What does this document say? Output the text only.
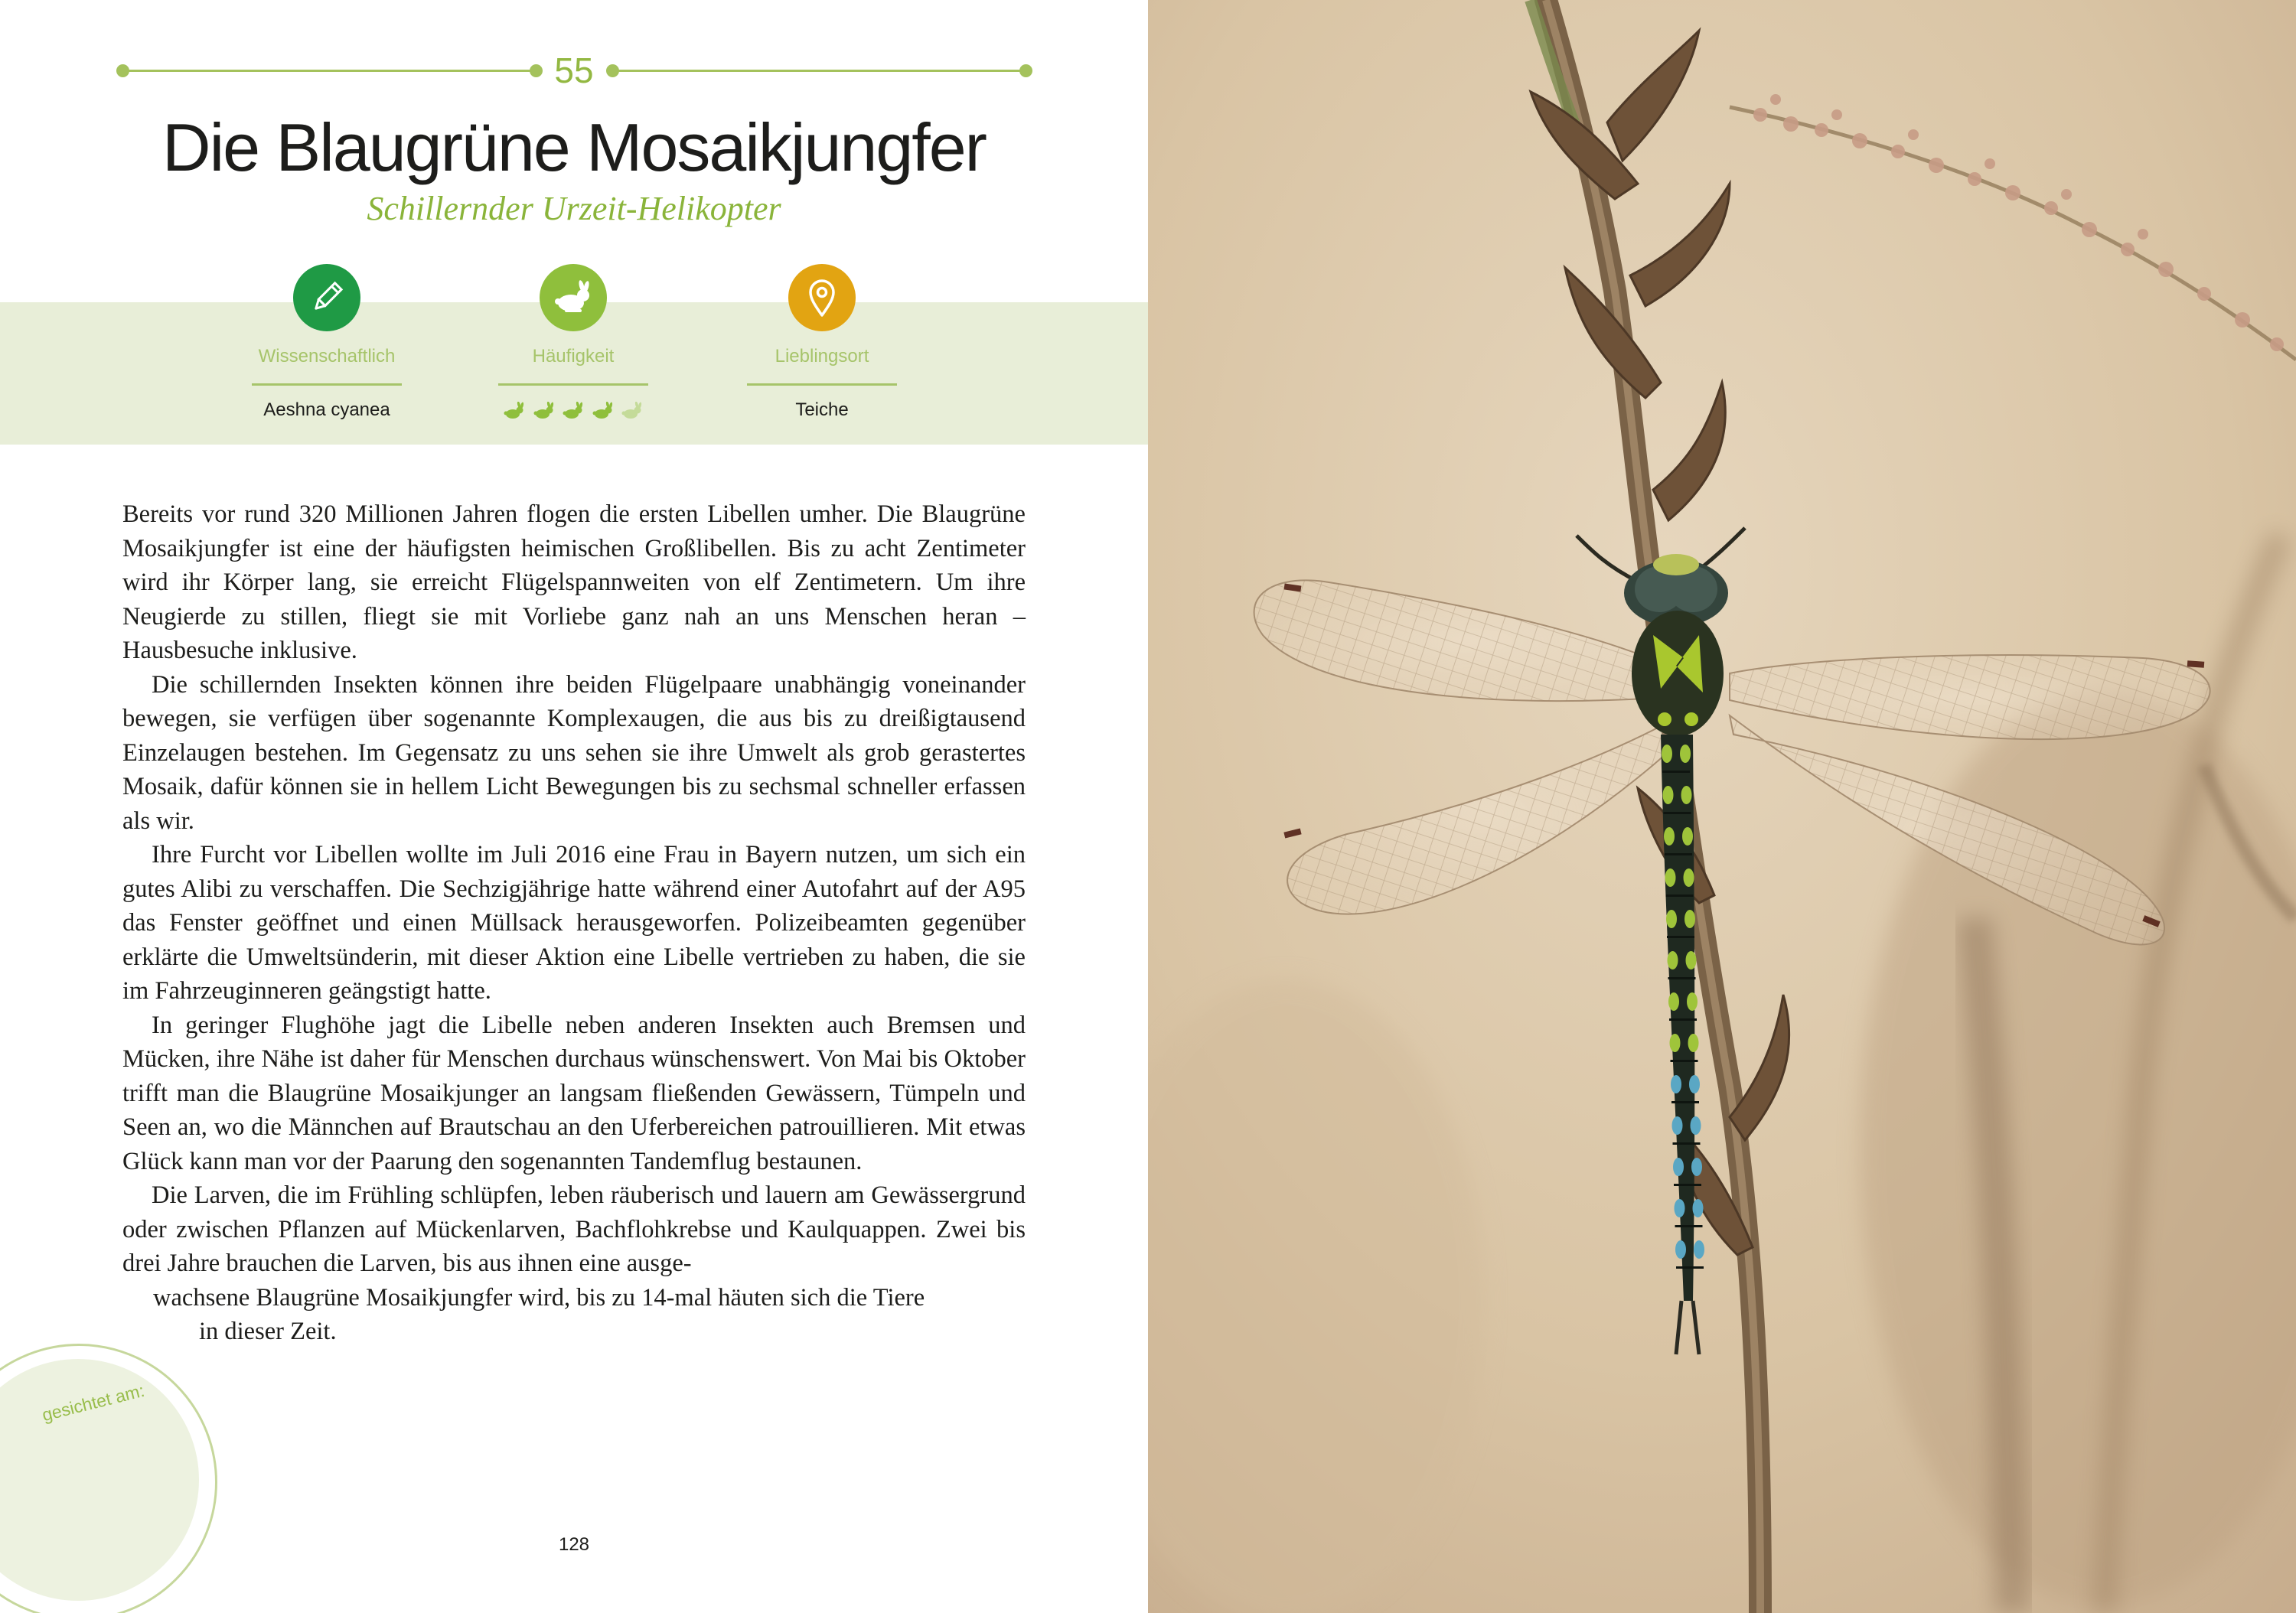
55
Die Blaugrüne Mosaikjungfer
Schillernder Urzeit-Helikopter
Wissenschaftlich
Aeshna cyanea
Häufigkeit	Lieblingsort
Teiche

Bereits vor rund 320 Millionen Jahren flogen die ersten Libellen umher. Die Blaugrüne Mosaikjungfer ist eine der häufigsten heimischen Großlibellen. Bis zu acht Zentimeter wird ihr Körper lang, sie erreicht Flügelspannweiten von elf Zentimetern. Um ihre Neugierde zu stillen, fliegt sie mit Vorliebe ganz nah an uns Menschen heran – Hausbesuche inklusive.

Die schillernden Insekten können ihre beiden Flügelpaare unabhängig voneinander bewegen, sie verfügen über sogenannte Komplexaugen, die aus bis zu dreißigtausend Einzelaugen bestehen. Im Gegensatz zu uns sehen sie ihre Umwelt als grob gerastertes Mosaik, dafür können sie in hellem Licht Bewegungen bis zu sechsmal schneller erfassen als wir.

Ihre Furcht vor Libellen wollte im Juli 2016 eine Frau in Bayern nutzen, um sich ein gutes Alibi zu verschaffen. Die Sechzigjährige hatte während einer Autofahrt auf der A95 das Fenster geöffnet und einen Müllsack herausgeworfen. Polizeibeamten gegenüber erklärte die Umweltsünderin, mit dieser Aktion eine Libelle vertrieben zu haben, die sie im Fahrzeuginneren geängstigt hatte.

In geringer Flughöhe jagt die Libelle neben anderen Insekten auch Bremsen und Mücken, ihre Nähe ist daher für Menschen durchaus wünschenswert. Von Mai bis Oktober trifft man die Blaugrüne Mosaikjunger an langsam fließenden Gewässern, Tümpeln und Seen an, wo die Männchen auf Brautschau an den Uferbereichen patrouillieren. Mit etwas Glück kann man vor der Paarung den sogenannten Tandemflug bestaunen.

Die Larven, die im Frühling schlüpfen, leben räuberisch und lauern am Gewässergrund oder zwischen Pflanzen auf Mückenlarven, Bachflohkrebse und Kaulquappen. Zwei bis drei Jahre brauchen die Larven, bis aus ihnen eine ausge-

wachsene Blaugrüne Mosaikjungfer wird, bis zu 14-mal häuten sich die Tiere

in dieser Zeit.

gesichtet am:
128
